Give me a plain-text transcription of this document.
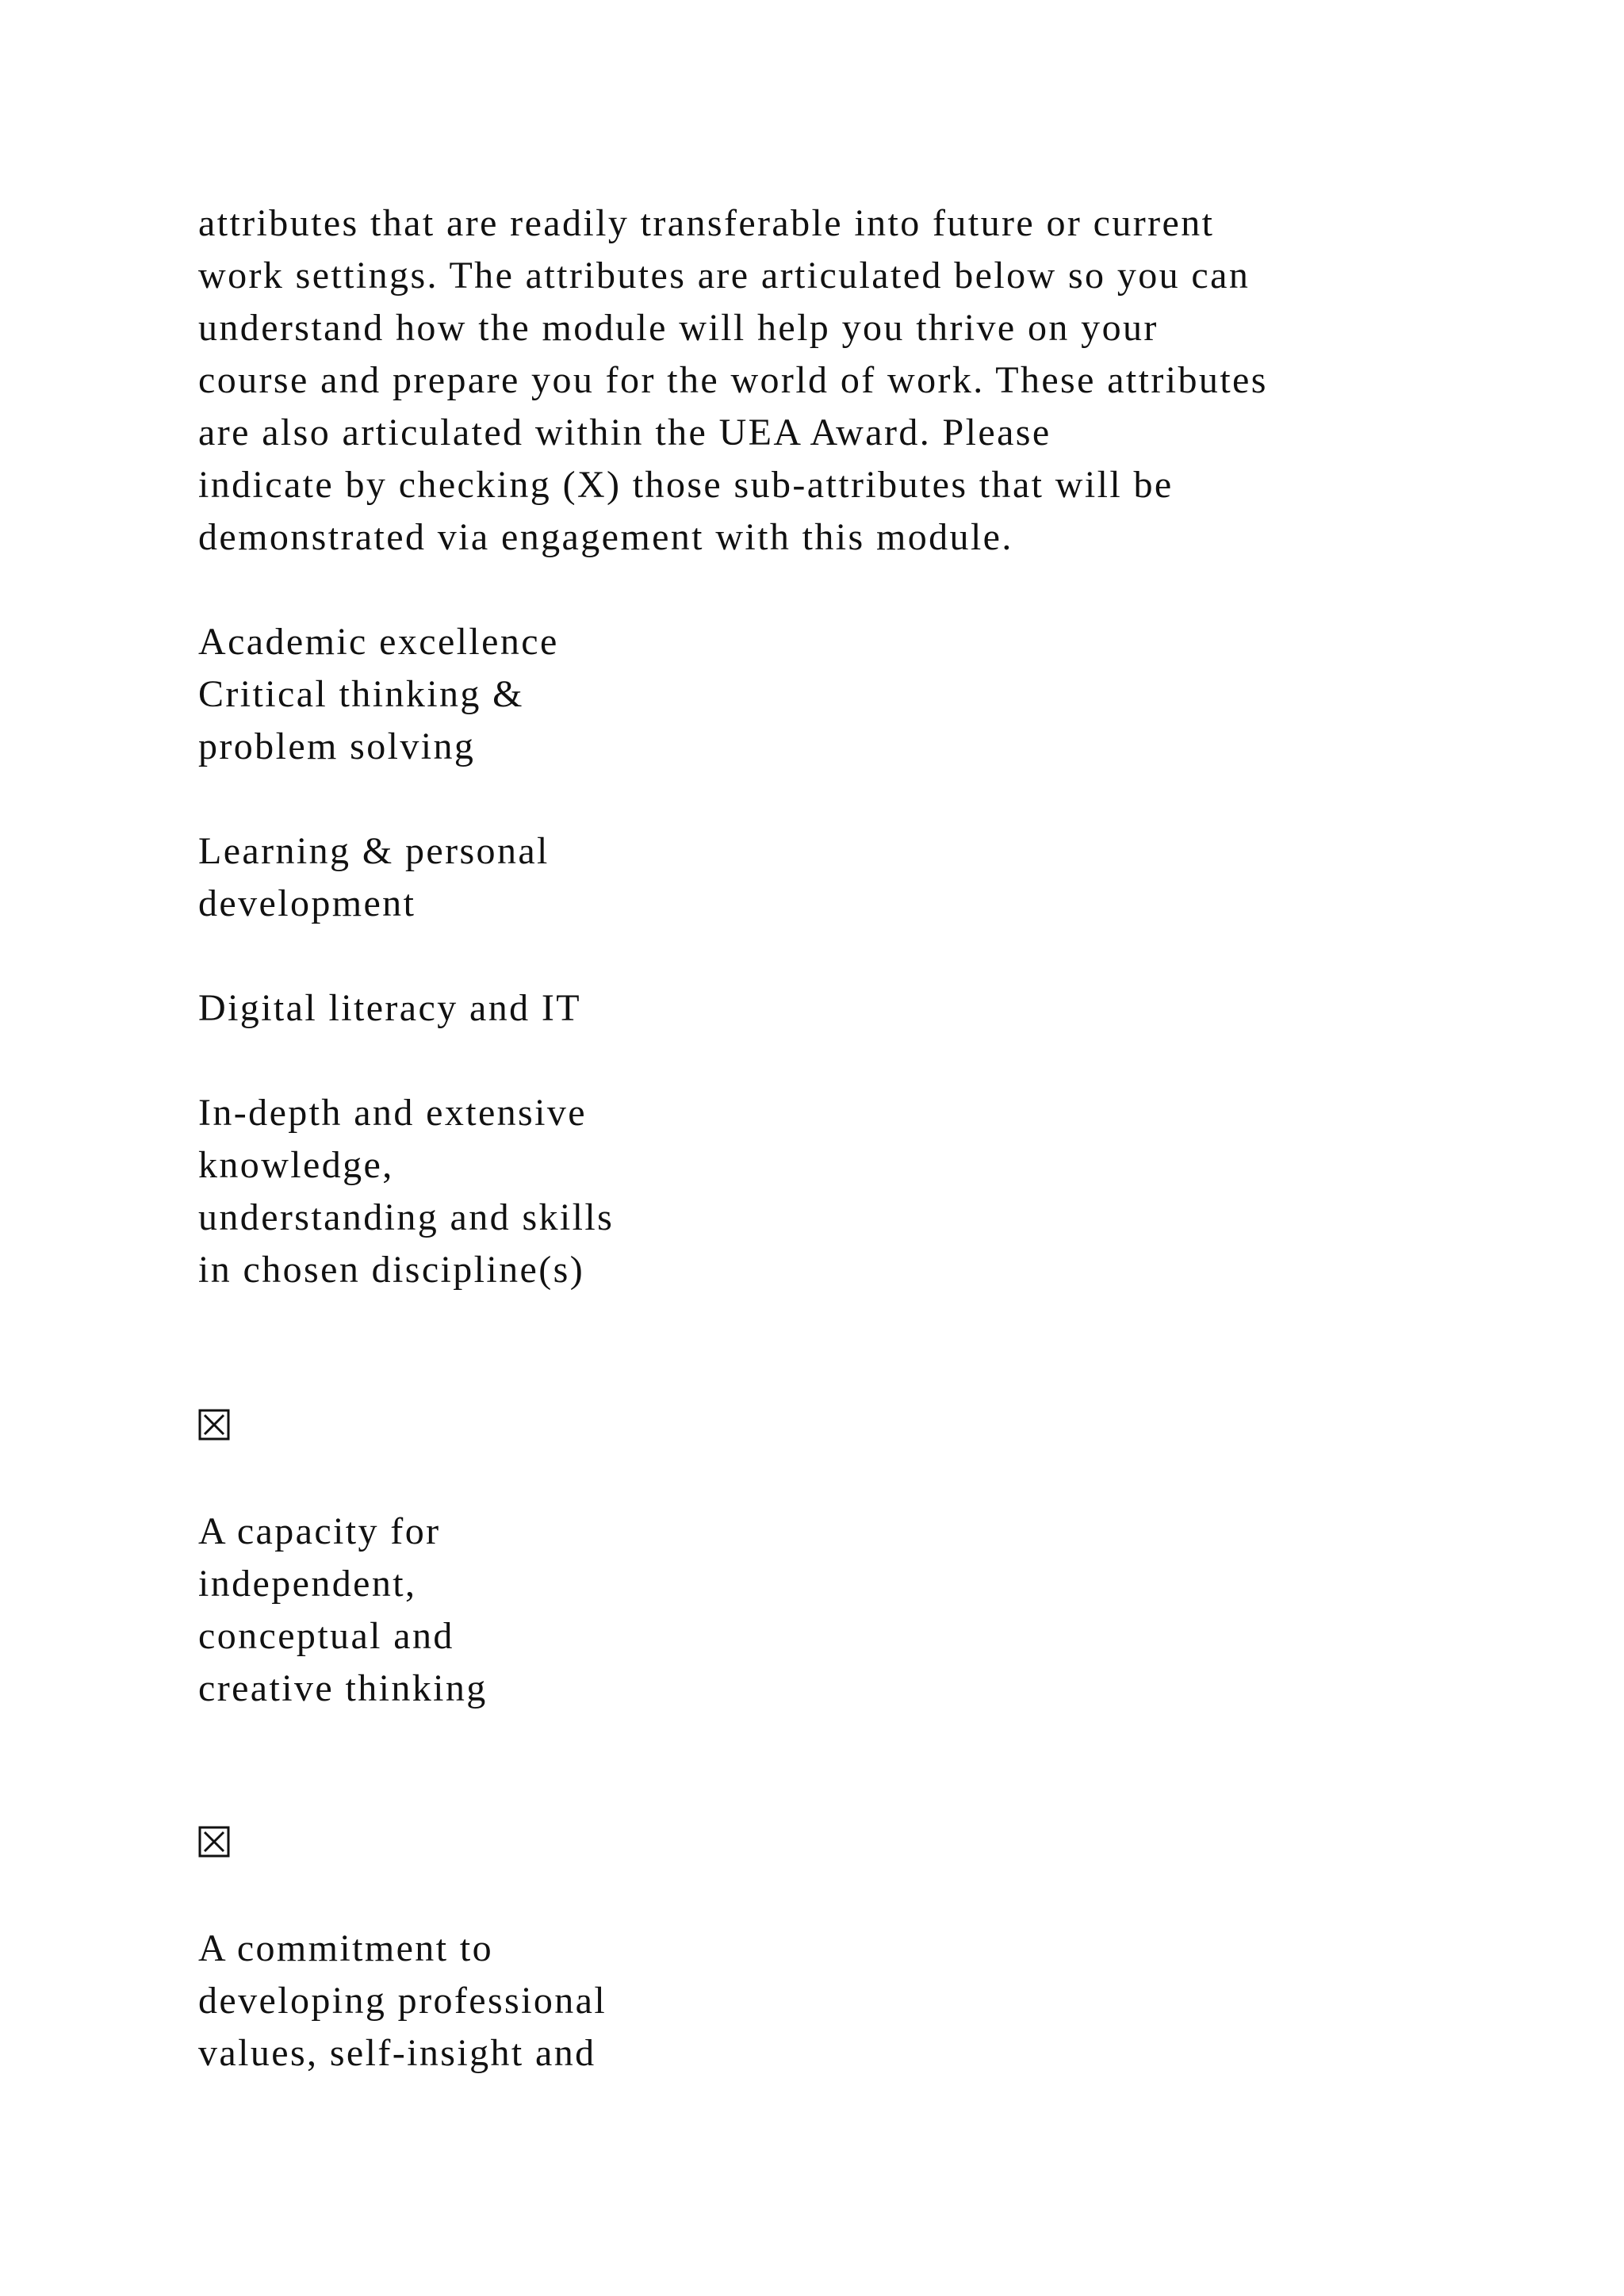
attributes that are readily transferable into future or current
work settings. The attributes are articulated below so you can
understand how the module will help you thrive on your
course and prepare you for the world of work. These attributes
are also articulated within the UEA Award. Please
indicate by checking (X) those sub-attributes that will be
demonstrated via engagement with this module.
Academic excellence
Critical thinking &
problem solving
Learning & personal
development
Digital literacy and IT
In-depth and extensive
knowledge,
understanding and skills
in chosen discipline(s)
A capacity for
independent,
conceptual and
creative thinking
A commitment to
developing professional
values, self-insight and
